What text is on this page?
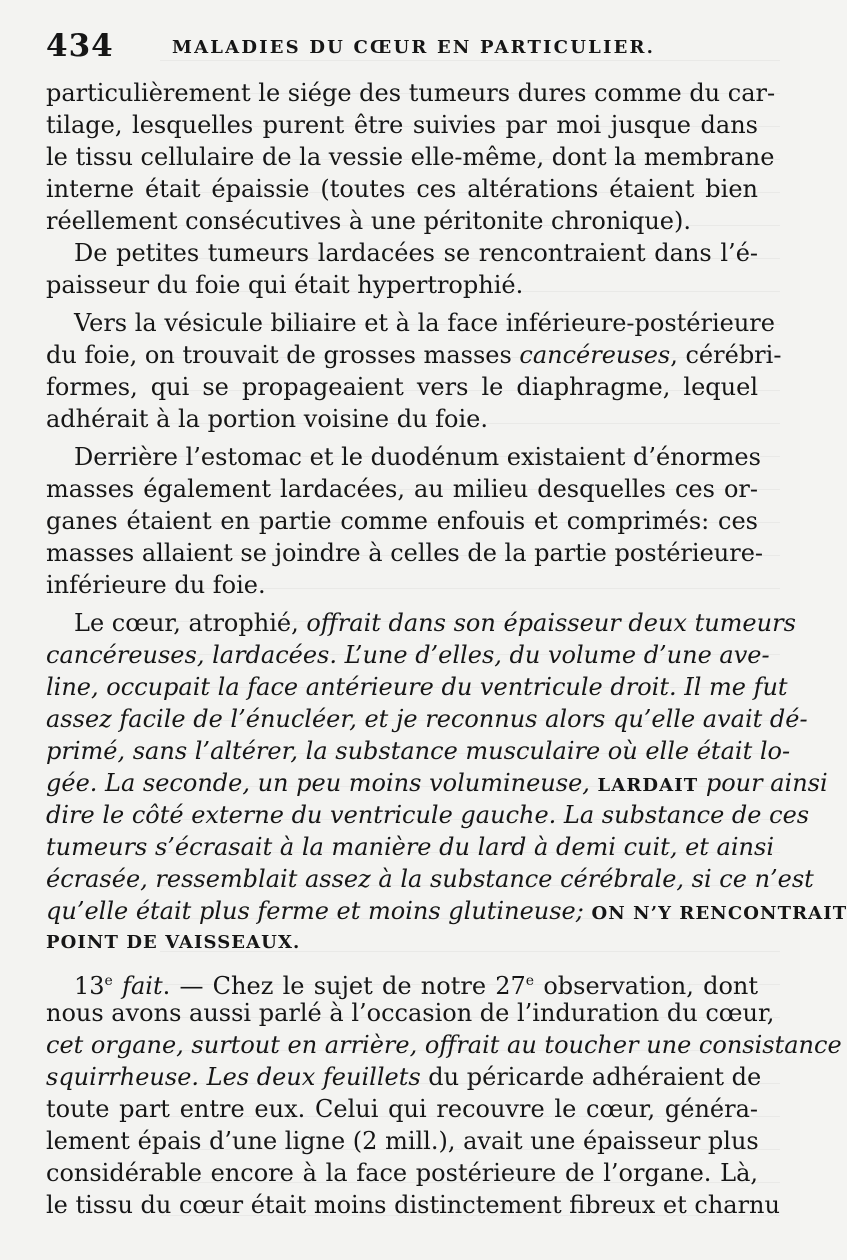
434	MALADIES DU CŒUR EN PARTICULIER.
particulièrement le siége des tumeurs dures comme du car-
tilage, lesquelles purent être suivies par moi jusque dans
le tissu cellulaire de la vessie elle-même, dont la membrane
interne était épaissie (toutes ces altérations étaient bien
réellement consécutives à une péritonite chronique).
De petites tumeurs lardacées se rencontraient dans l’é-
paisseur du foie qui était hypertrophié.
Vers la vésicule biliaire et à la face inférieure-postérieure
du foie, on trouvait de grosses masses cancéreuses, cérébri-
formes, qui se propageaient vers le diaphragme, lequel
adhérait à la portion voisine du foie.
Derrière l’estomac et le duodénum existaient d’énormes
masses également lardacées, au milieu desquelles ces or-
ganes étaient en partie comme enfouis et comprimés: ces
masses allaient se joindre à celles de la partie postérieure-
inférieure du foie.
Le cœur, atrophié, offrait dans son épaisseur deux tumeurs
cancéreuses, lardacées. L’une d’elles, du volume d’une ave-
line, occupait la face antérieure du ventricule droit. Il me fut
assez facile de l’énucléer, et je reconnus alors qu’elle avait dé-
primé, sans l’altérer, la substance musculaire où elle était lo-
gée. La seconde, un peu moins volumineuse, LARDAIT pour ainsi
dire le côté externe du ventricule gauche. La substance de ces
tumeurs s’écrasait à la manière du lard à demi cuit, et ainsi
écrasée, ressemblait assez à la substance cérébrale, si ce n’est
qu’elle était plus ferme et moins glutineuse; ON N’Y RENCONTRAIT
POINT DE VAISSEAUX.
13e fait. — Chez le sujet de notre 27e observation, dont
nous avons aussi parlé à l’occasion de l’induration du cœur,
cet organe, surtout en arrière, offrait au toucher une consistance
squirrheuse. Les deux feuillets du péricarde adhéraient de
toute part entre eux. Celui qui recouvre le cœur, généra-
lement épais d’une ligne (2 mill.), avait une épaisseur plus
considérable encore à la face postérieure de l’organe. Là,
le tissu du cœur était moins distinctement fibreux et charnu
